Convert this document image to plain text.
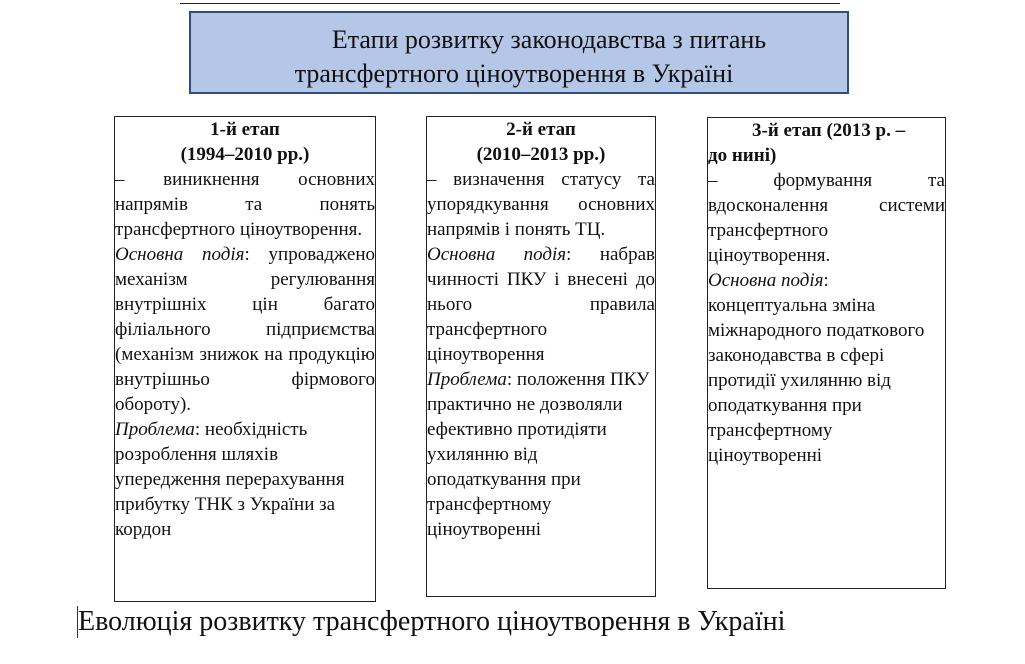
Етапи розвитку законодавства з питань
трансфертного ціноутворення в Україні
1-й етап
(1994–2010 рр.)
– виникнення основних напрямів та понять трансфертного ціноутворення.
Основна подія: упроваджено механізм регулювання внутрішніх цін багато філіального підприємства (механізм знижок на продукцію внутрішньо фірмового обороту).
Проблема: необхідність розроблення шляхів упередження перерахування прибутку ТНК з України за кордон
2-й етап
(2010–2013 рр.)
– визначення статусу та упорядкування основних напрямів і понять ТЦ.
Основна подія: набрав чинності ПКУ і внесені до нього правила трансфертного ціноутворення
Проблема: положення ПКУ практично не дозволяли ефективно протидіяти ухилянню від оподаткування при трансфертному ціноутворенні
3-й етап (2013 р. –
до нині)
– формування та вдосконалення системи трансфертного ціноутворення.
Основна подія: концептуальна зміна міжнародного податкового законодавства в сфері протидії ухилянню від оподаткування при трансфертному ціноутворенні
Еволюція розвитку трансфертного ціноутворення в Україні
